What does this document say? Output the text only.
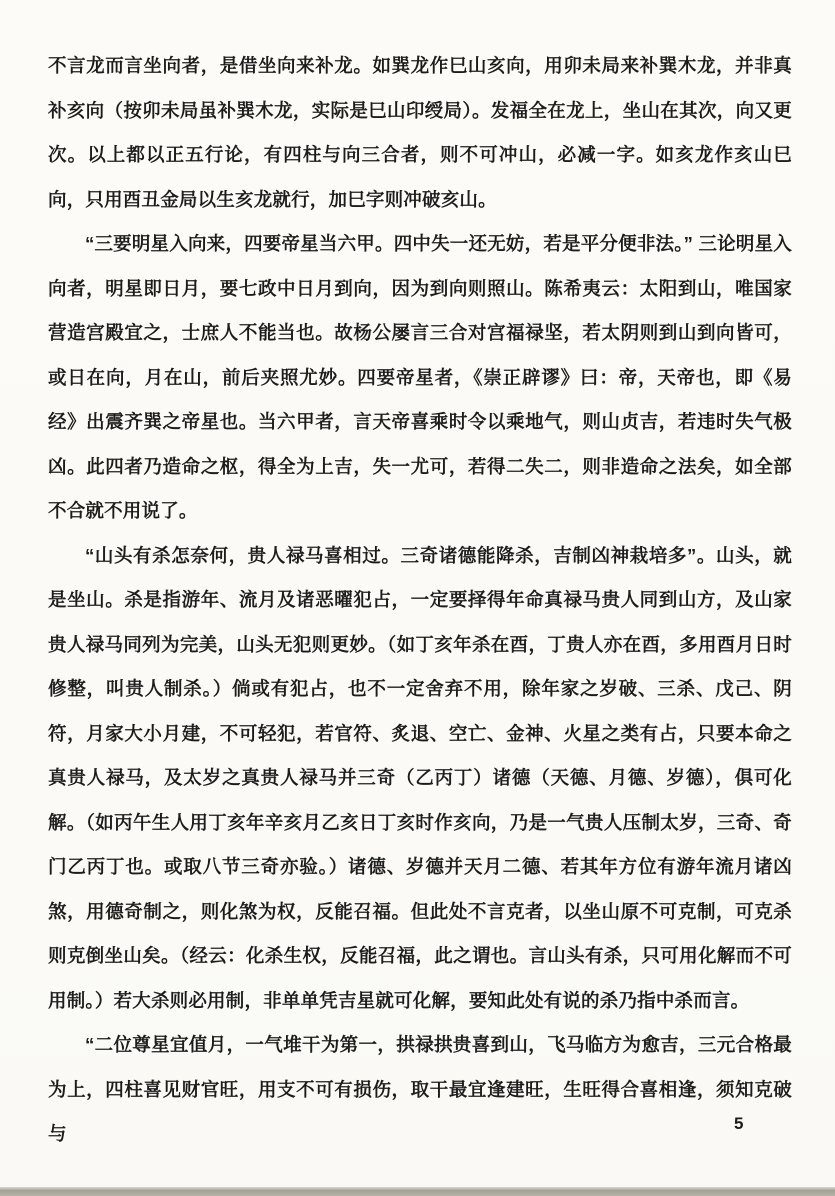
不言龙而言坐向者，是借坐向来补龙。如巽龙作巳山亥向，用卯未局来补巽木龙，并非真补亥向（按卯未局虽补巽木龙，实际是巳山印绶局）。发福全在龙上，坐山在其次，向又更次。以上都以正五行论，有四柱与向三合者，则不可冲山，必减一字。如亥龙作亥山巳向，只用酉丑金局以生亥龙就行，加巳字则冲破亥山。

“三要明星入向来，四要帝星当六甲。四中失一还无妨，若是平分便非法。” 三论明星入向者，明星即日月，要七政中日月到向，因为到向则照山。陈希夷云：太阳到山，唯国家营造宫殿宜之，士庶人不能当也。故杨公屡言三合对宫福禄坚，若太阴则到山到向皆可，或日在向，月在山，前后夹照尤妙。四要帝星者，《崇正辟谬》曰：帝，天帝也，即《易经》出震齐巽之帝星也。当六甲者，言天帝喜乘时令以乘地气，则山贞吉，若违时失气极凶。此四者乃造命之枢，得全为上吉，失一尤可，若得二失二，则非造命之法矣，如全部不合就不用说了。

“山头有杀怎奈何，贵人禄马喜相过。三奇诸德能降杀，吉制凶神栽培多”。山头，就是坐山。杀是指游年、流月及诸恶曜犯占，一定要择得年命真禄马贵人同到山方，及山家贵人禄马同列为完美，山头无犯则更妙。（如丁亥年杀在酉，丁贵人亦在酉，多用酉月日时修整，叫贵人制杀。）倘或有犯占，也不一定舍弃不用，除年家之岁破、三杀、戊己、阴符，月家大小月建，不可轻犯，若官符、炙退、空亡、金神、火星之类有占，只要本命之真贵人禄马，及太岁之真贵人禄马并三奇（乙丙丁）诸德（天德、月德、岁德），俱可化解。（如丙午生人用丁亥年辛亥月乙亥日丁亥时作亥向，乃是一气贵人压制太岁，三奇、奇门乙丙丁也。或取八节三奇亦验。）诸德、岁德并天月二德、若其年方位有游年流月诸凶煞，用德奇制之，则化煞为权，反能召福。但此处不言克者，以坐山原不可克制，可克杀则克倒坐山矣。（经云：化杀生权，反能召福，此之谓也。言山头有杀，只可用化解而不可用制。）若大杀则必用制，非单单凭吉星就可化解，要知此处有说的杀乃指中杀而言。

“二位尊星宜值月，一气堆干为第一，拱禄拱贵喜到山，飞马临方为愈吉，三元合格最为上，四柱喜见财官旺，用支不可有损伤，取干最宜逢建旺，生旺得合喜相逢，须知克破与	5
